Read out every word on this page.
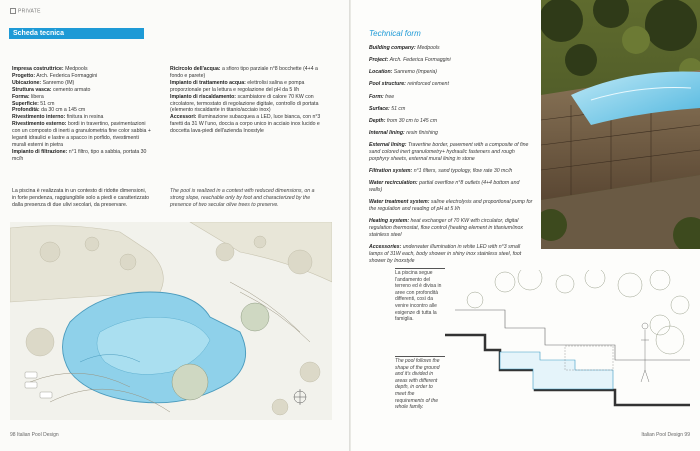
PRIVATE
Scheda tecnica

Impresa costruttrice: Medpools

Progetto: Arch. Federica Formaggini

Ubicazione: Sanremo (IM)

Struttura vasca: cemento armato

Forma: libera

Superficie: 51 cm

Profondità: da 30 cm a 145 cm

Rivestimento interno: finitura in resina

Rivestimento esterno: bordi in travertino, pavimentazioni con un composto di inerti a granulometria fine color sabbia + leganti idraulici e lastre a spacco in porfido, rivestimenti murali esterni in pietra

Impianto di filtrazione: n°1 filtro, tipo a sabbia, portata 30 mc/h

La piscina è realizzata in un contesto di ridotte dimensioni, in forte pendenza, raggiungibile solo a piedi e caratterizzato dalla presenza di due ulivi secolari, da preservare.

Ricircolo dell'acqua: a sfioro tipo parziale n°8 bocchette (4+4 a fondo e parete)

Impianto di trattamento acqua: elettrolisi salina e pompa proporzionale per la lettura e regolazione del pH da 5 l/h

Impianto di riscaldamento: scambiatore di calore 70 KW con circolatore, termostato di regolazione digitale, controllo di portata (elemento riscaldante in titanio/acciaio inox)

Accessori: illuminazione subacquea a LED, luce bianca, con n°3 faretti da 31 W l'uno, doccia a corpo unico in acciaio inox lucido e doccetta lava-piedi dell'azienda Inoxstyle

The pool is realized in a context with reduced dimensions, on a strong slope, reachable only by foot and characterized by the presence of two secular olive trees to preserve.
98 Italian Pool Design
Technical form

Building company: Medpools

Project: Arch. Federica Formaggini

Location: Sanremo (Imperia)

Pool structure: reinforced cement

Form: free

Surface: 51 cm

Depth: from 30 cm to 145 cm

Internal lining: resin finishing

External lining: Travertine border, pavement with a composite of fine sand colored inert granulometry+ hydraulic fasteners and rough porphyry sheets, external mural lining in stone

Filtration system: n°1 filters, sand typology, flow rate 30 mc/h

Water recirculation: partial overflow n°8 outlets (4+4 bottom and walls)

Water treatment system: saline electrolysis and proportional pump for the regulation and reading of pH at 5 l/h

Heating system: heat exchanger of 70 KW with circulator, digital regulation thermostat, flow control (heating element in titanium/inox stainless steel

Accessories: underwater illumination in white LED with n°3 small lamps of 31W each, body shower in shiny inox stainless steel, foot shower by Inoxstyle

La piscina segue l'andamento del terreno ed è divisa in aree con profondità differenti, così da venire incontro alle esigenze di tutta la famiglia.
The pool follows the shape of the ground and it's divided in areas with different depth, in order to meet the requirements of the whole family.
Italian Pool Design 99
